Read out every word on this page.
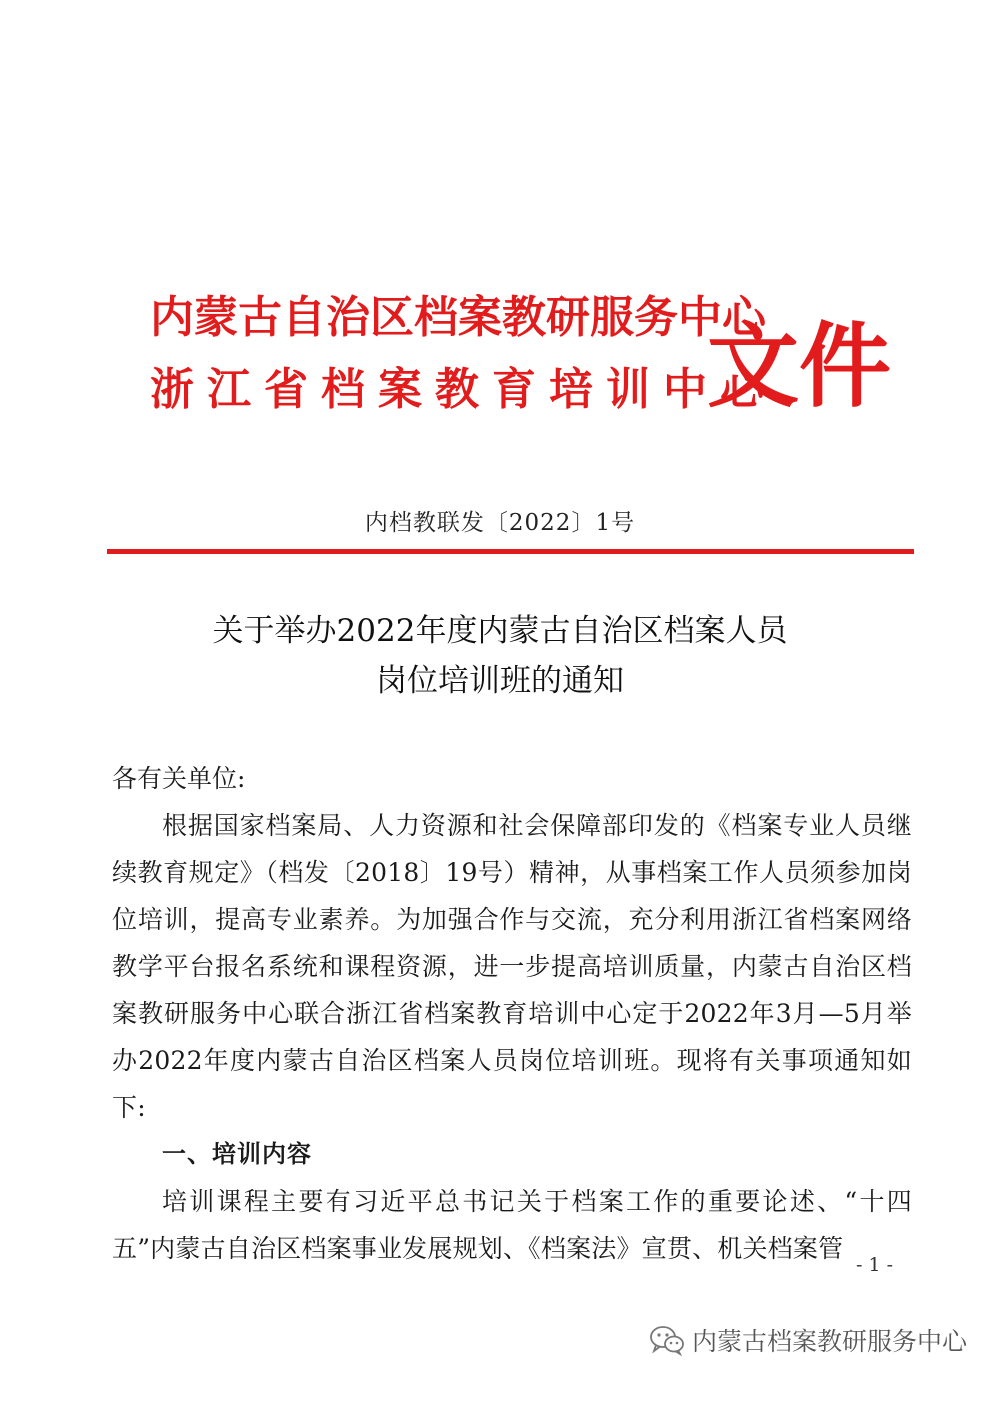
内蒙古自治区档案教研服务中心
浙江省档案教育培训中心
文件
内档教联发〔2022〕1号
关于举办2022年度内蒙古自治区档案人员
岗位培训班的通知
各有关单位:
根据国家档案局、人力资源和社会保障部印发的《档案专业人员继续教育规定》（档发〔2018〕19号）精神，从事档案工作人员须参加岗位培训，提高专业素养。为加强合作与交流，充分利用浙江省档案网络教学平台报名系统和课程资源，进一步提高培训质量，内蒙古自治区档案教研服务中心联合浙江省档案教育培训中心定于2022年3月—5月举办2022年度内蒙古自治区档案人员岗位培训班。现将有关事项通知如下:
一、培训内容
培训课程主要有习近平总书记关于档案工作的重要论述、“十四五”内蒙古自治区档案事业发展规划、《档案法》宣贯、机关档案管
- 1 -
内蒙古档案教研服务中心
